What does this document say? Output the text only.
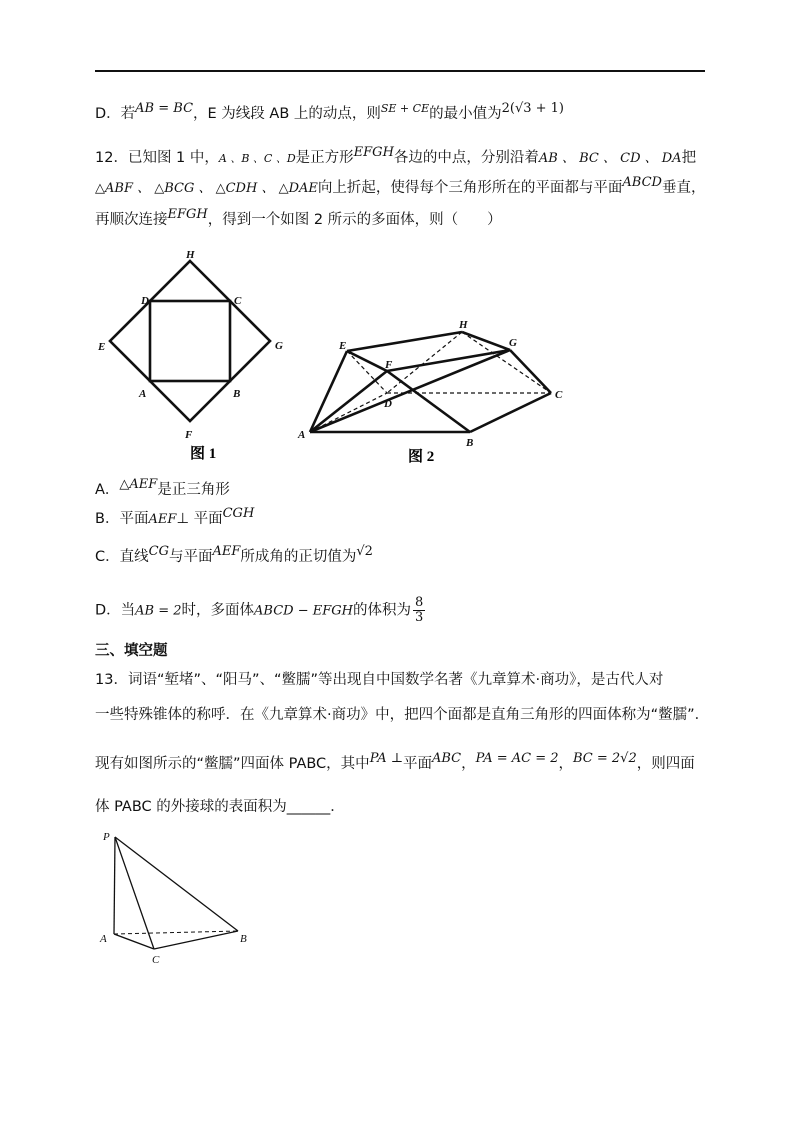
D．若AB = BC，E 为线段 AB 上的动点，则$^{SE + CE}$的最小值为2(√3 + 1)
12．已知图 1 中，A 、B 、C 、D是正方形EFGH各边的中点，分别沿着AB 、 BC 、 CD 、 DA把
△ABF 、 △BCG 、 △CDH 、 △DAE向上折起，使得每个三角形所在的平面都与平面ABCD垂直，
再顺次连接EFGH，得到一个如图 2 所示的多面体，则（　　）
H
D	C
E	G
A	B
F
图 1
E
H
G
F
D
C
A
B
图 2
A．△AEF是正三角形
B．平面AEF⊥ 平面CGH
C．直线CG与平面AEF所成角的正切值为√2
D．当AB = 2时，多面体ABCD − EFGH的体积为 $\frac{8}{3}$
三、填空题
13．词语“堑堵”、“阳马”、“鳖臑”等出现自中国数学名著《九章算术·商功》，是古代人对
一些特殊锥体的称呼．在《九章算术·商功》中，把四个面都是直角三角形的四面体称为“鳖臑”．
现有如图所示的“鳖臑”四面体 PABC，其中PA ⊥平面ABC，PA = AC = 2，BC = 2√2，则四面
体 PABC 的外接球的表面积为______．
P
A	B
C
